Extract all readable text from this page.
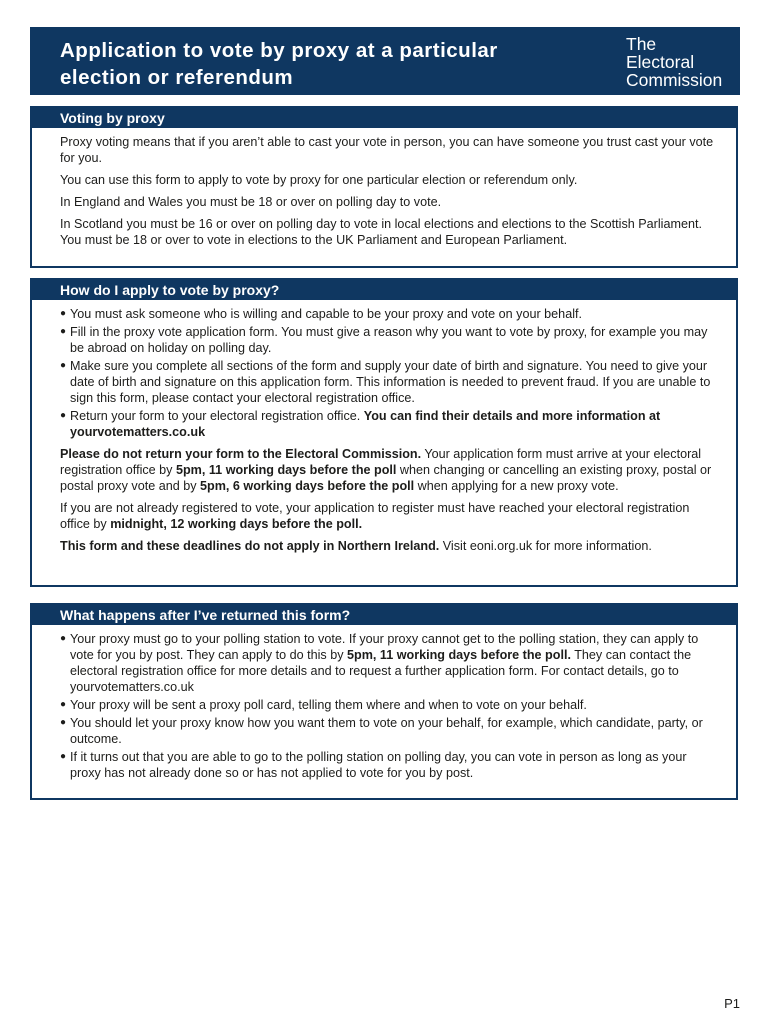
Application to vote by proxy at a particular election or referendum
The
Electoral
Commission
Voting by proxy

Proxy voting means that if you aren’t able to cast your vote in person, you can have someone you trust cast your vote for you.

You can use this form to apply to vote by proxy for one particular election or referendum only.

In England and Wales you must be 18 or over on polling day to vote.

In Scotland you must be 16 or over on polling day to vote in local elections and elections to the Scottish Parliament. You must be 18 or over to vote in elections to the UK Parliament and European Parliament.

How do I apply to vote by proxy?
● You must ask someone who is willing and capable to be your proxy and vote on your behalf.
● Fill in the proxy vote application form. You must give a reason why you want to vote by proxy, for example you may be abroad on holiday on polling day.
● Make sure you complete all sections of the form and supply your date of birth and signature. You need to give your date of birth and signature on this application form. This information is needed to prevent fraud. If you are unable to sign this form, please contact your electoral registration office.
● Return your form to your electoral registration office. You can find their details and more information at yourvotematters.co.uk

Please do not return your form to the Electoral Commission. Your application form must arrive at your electoral registration office by 5pm, 11 working days before the poll when changing or cancelling an existing proxy, postal or postal proxy vote and by 5pm, 6 working days before the poll when applying for a new proxy vote.

If you are not already registered to vote, your application to register must have reached your electoral registration office by midnight, 12 working days before the poll.

This form and these deadlines do not apply in Northern Ireland. Visit eoni.org.uk for more information.

What happens after I’ve returned this form?
● Your proxy must go to your polling station to vote. If your proxy cannot get to the polling station, they can apply to vote for you by post. They can apply to do this by 5pm, 11 working days before the poll. They can contact the electoral registration office for more details and to request a further application form. For contact details, go to yourvotematters.co.uk
● Your proxy will be sent a proxy poll card, telling them where and when to vote on your behalf.
● You should let your proxy know how you want them to vote on your behalf, for example, which candidate, party, or outcome.
● If it turns out that you are able to go to the polling station on polling day, you can vote in person as long as your proxy has not already done so or has not applied to vote for you by post.
P1
